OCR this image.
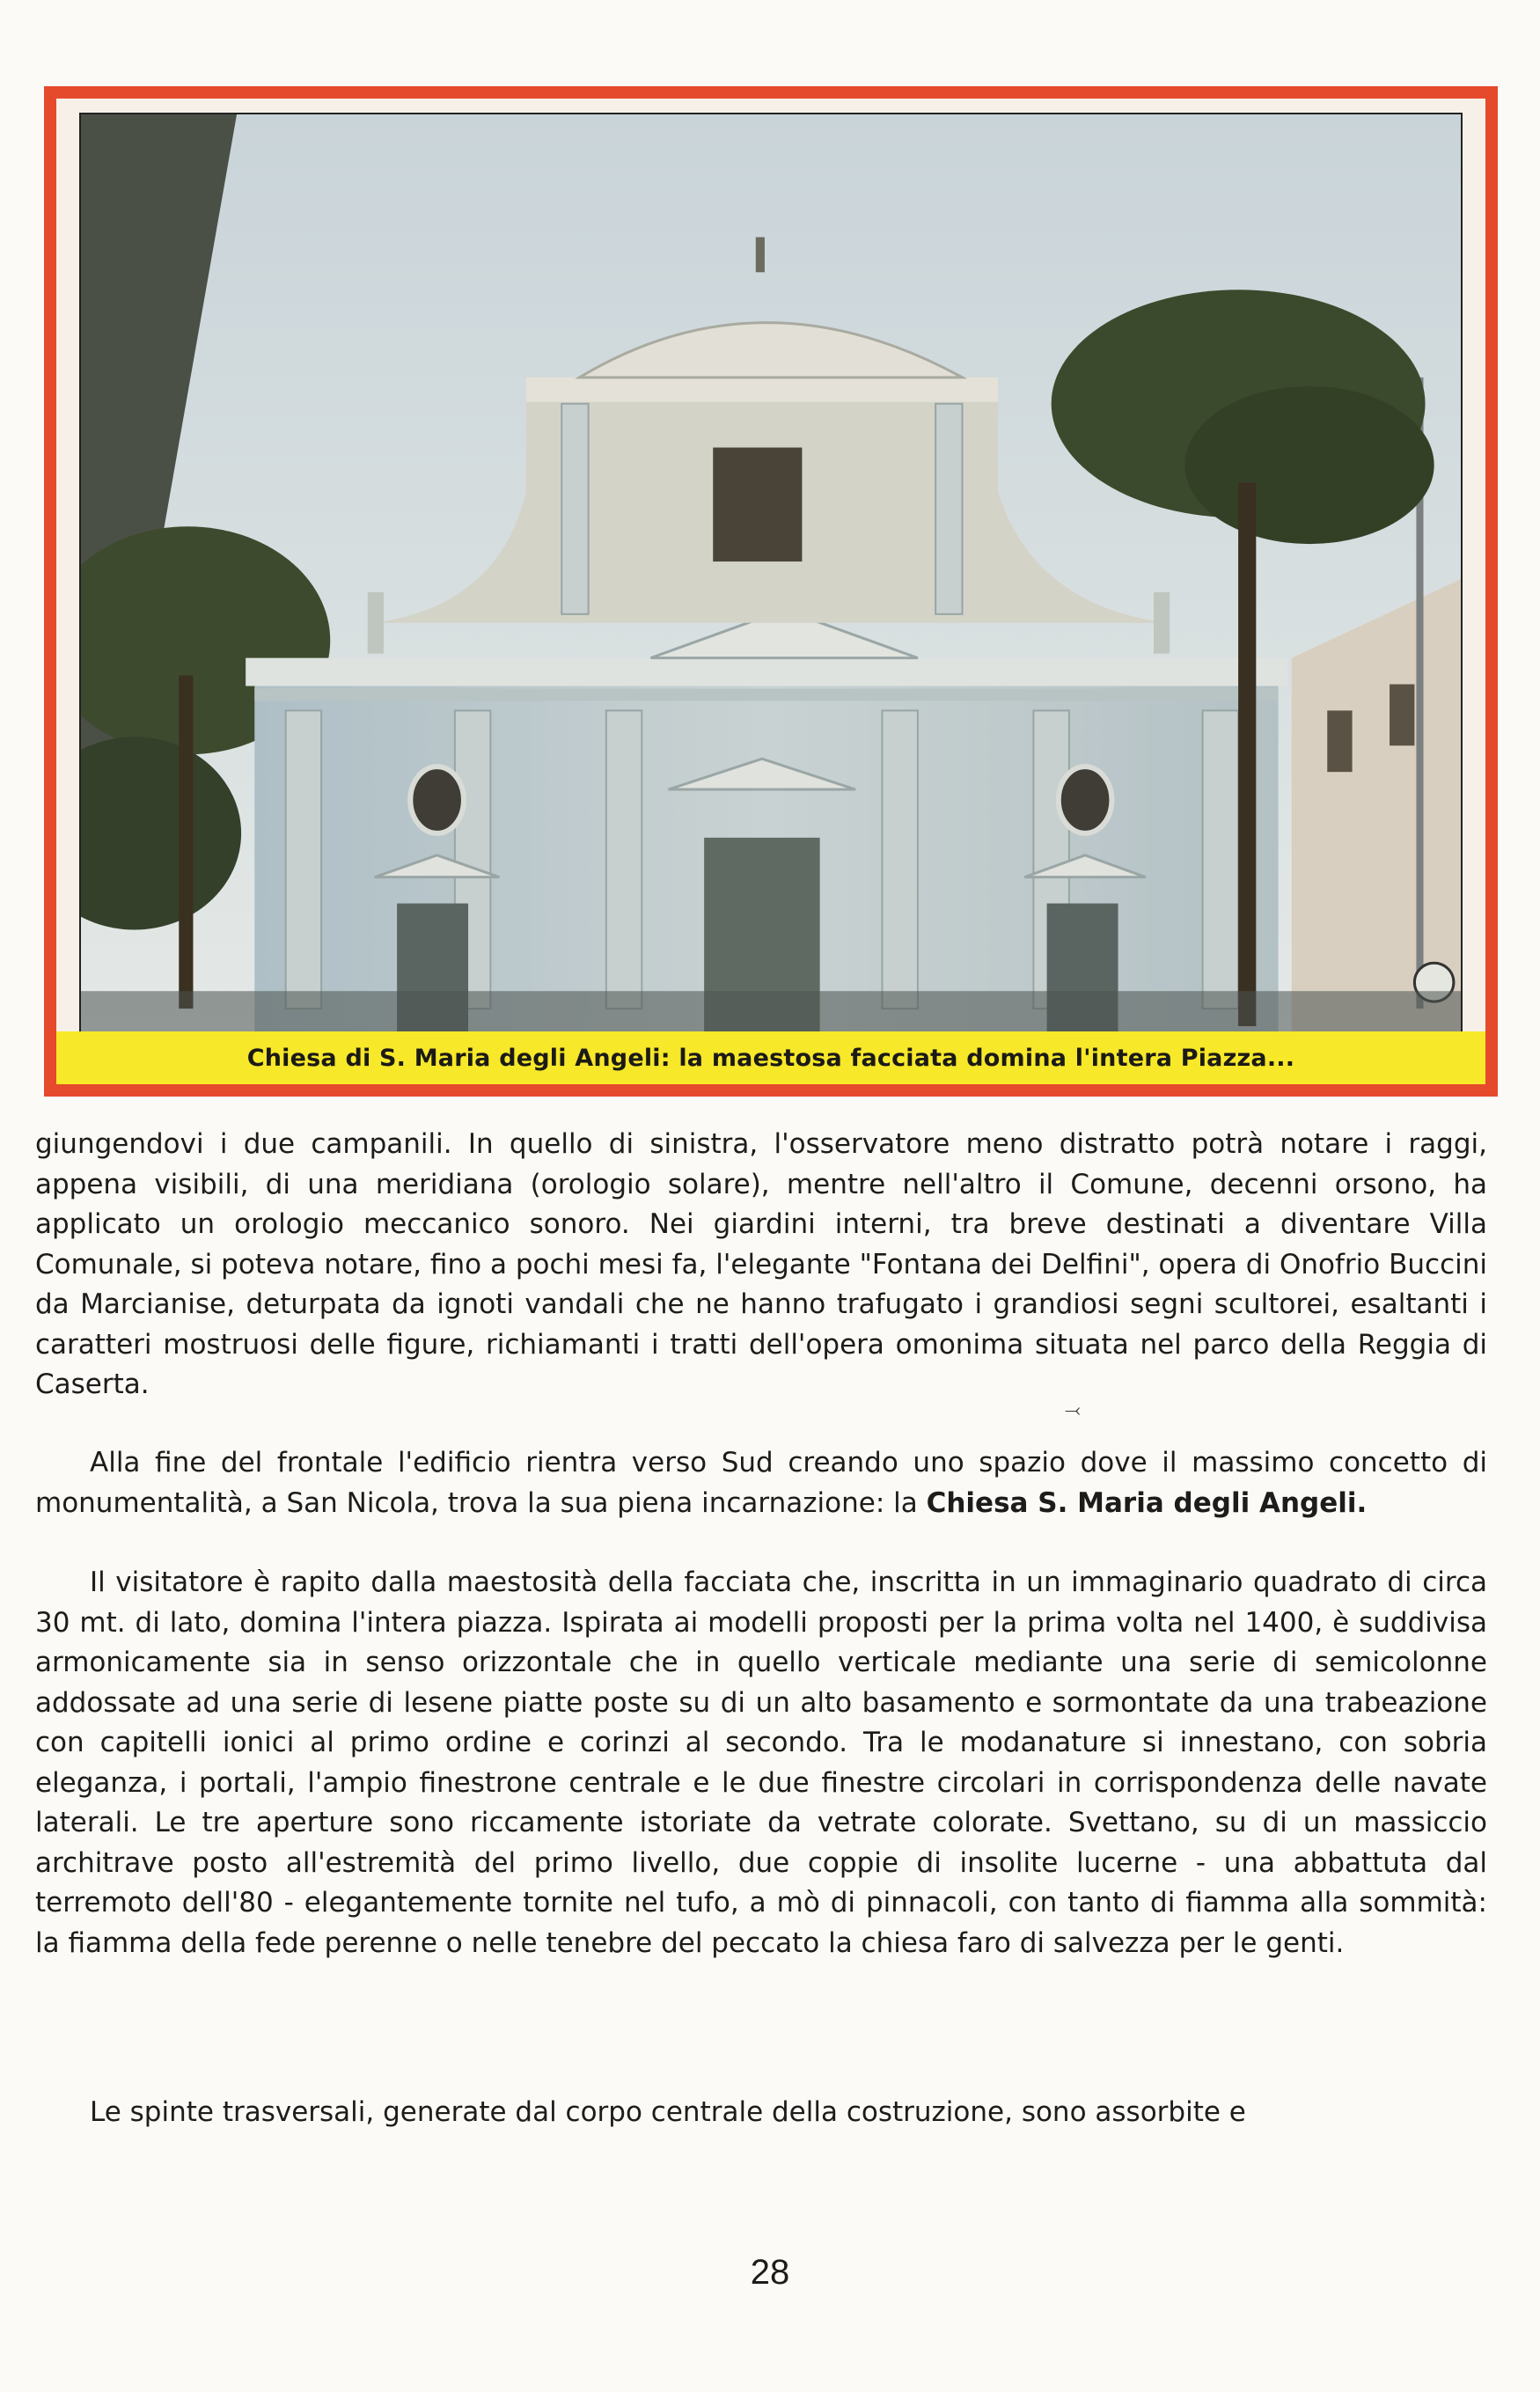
Chiesa di S. Maria degli Angeli: la maestosa facciata domina l'intera Piazza...

giungendovi i due campanili. In quello di sinistra, l'osservatore meno distratto potrà notare i raggi, appena visibili, di una meridiana (orologio solare), mentre nell'altro il Comune, decenni orsono, ha applicato un orologio meccanico sonoro. Nei giardini interni, tra breve destinati a diventare Villa Comunale, si poteva notare, fino a pochi mesi fa, l'elegante "Fontana dei Delfini", opera di Onofrio Buccini da Marcianise, deturpata da ignoti vandali che ne hanno trafugato i grandiosi segni scultorei, esaltanti i caratteri mostruosi delle figure, richiamanti i tratti dell'opera omonima situata nel parco della Reggia di Caserta.

⤙

Alla fine del frontale l'edificio rientra verso Sud creando uno spazio dove il massimo concetto di monumentalità, a San Nicola, trova la sua piena incarnazione: la Chiesa S. Maria degli Angeli.

Il visitatore è rapito dalla maestosità della facciata che, inscritta in un immaginario quadrato di circa 30 mt. di lato, domina l'intera piazza. Ispirata ai modelli proposti per la prima volta nel 1400, è suddivisa armonicamente sia in senso orizzontale che in quello verticale mediante una serie di semicolonne addossate ad una serie di lesene piatte poste su di un alto basamento e sormontate da una trabeazione con capitelli ionici al primo ordine e corinzi al secondo. Tra le modanature si innestano, con sobria eleganza, i portali, l'ampio finestrone centrale e le due finestre circolari in corrispondenza delle navate laterali. Le tre aperture sono riccamente istoriate da vetrate colorate. Svettano, su di un massiccio architrave posto all'estremità del primo livello, due coppie di insolite lucerne - una abbattuta dal terremoto dell'80 - elegantemente tornite nel tufo, a mò di pinnacoli, con tanto di fiamma alla sommità: la fiamma della fede perenne o nelle tenebre del peccato la chiesa faro di salvezza per le genti.

Le spinte trasversali, generate dal corpo centrale della costruzione, sono assorbite e

28
